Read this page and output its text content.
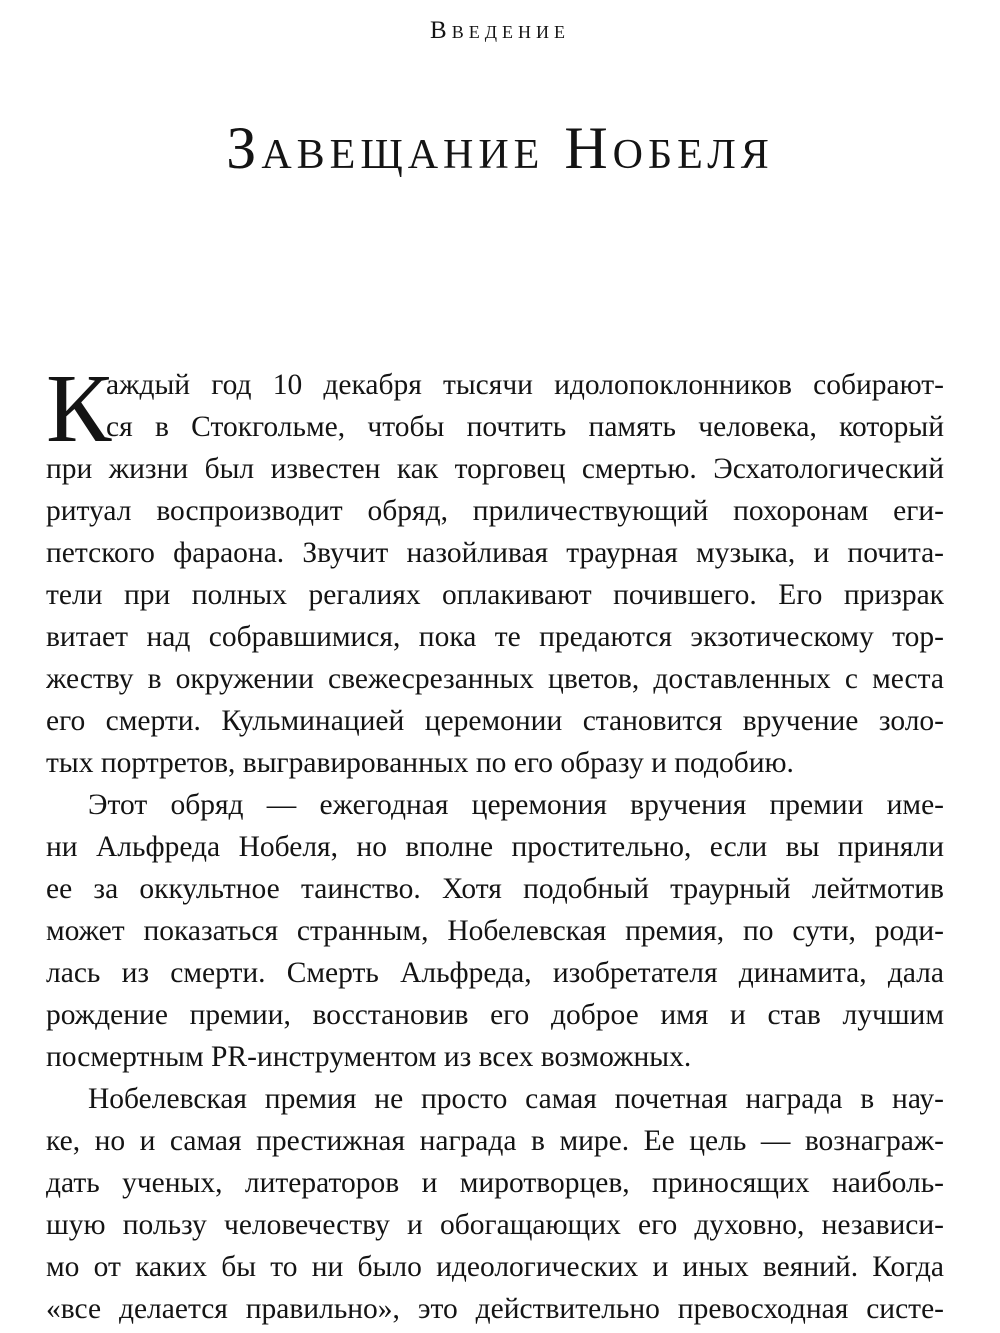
Введение
Завещание Нобеля
К
аждый год 10 декабря тысячи идолопоклонников собирают-
ся в Стокгольме, чтобы почтить память человека, который
при жизни был известен как торговец смертью. Эсхатологический
ритуал воспроизводит обряд, приличествующий похоронам еги-
петского фараона. Звучит назойливая траурная музыка, и почита-
тели при полных регалиях оплакивают почившего. Его призрак
витает над собравшимися, пока те предаются экзотическому тор-
жеству в окружении свежесрезанных цветов, доставленных с места
его смерти. Кульминацией церемонии становится вручение золо-
тых портретов, выгравированных по его образу и подобию.
Этот обряд — ежегодная церемония вручения премии име-
ни Альфреда Нобеля, но вполне простительно, если вы приняли
ее за оккультное таинство. Хотя подобный траурный лейтмотив
может показаться странным, Нобелевская премия, по сути, роди-
лась из смерти. Смерть Альфреда, изобретателя динамита, дала
рождение премии, восстановив его доброе имя и став лучшим
посмертным PR-инструментом из всех возможных.
Нобелевская премия не просто самая почетная награда в нау-
ке, но и самая престижная награда в мире. Ее цель — вознаграж-
дать ученых, литераторов и миротворцев, приносящих наиболь-
шую пользу человечеству и обогащающих его духовно, независи-
мо от каких бы то ни было идеологических и иных веяний. Когда
«все делается правильно», это действительно превосходная систе-
